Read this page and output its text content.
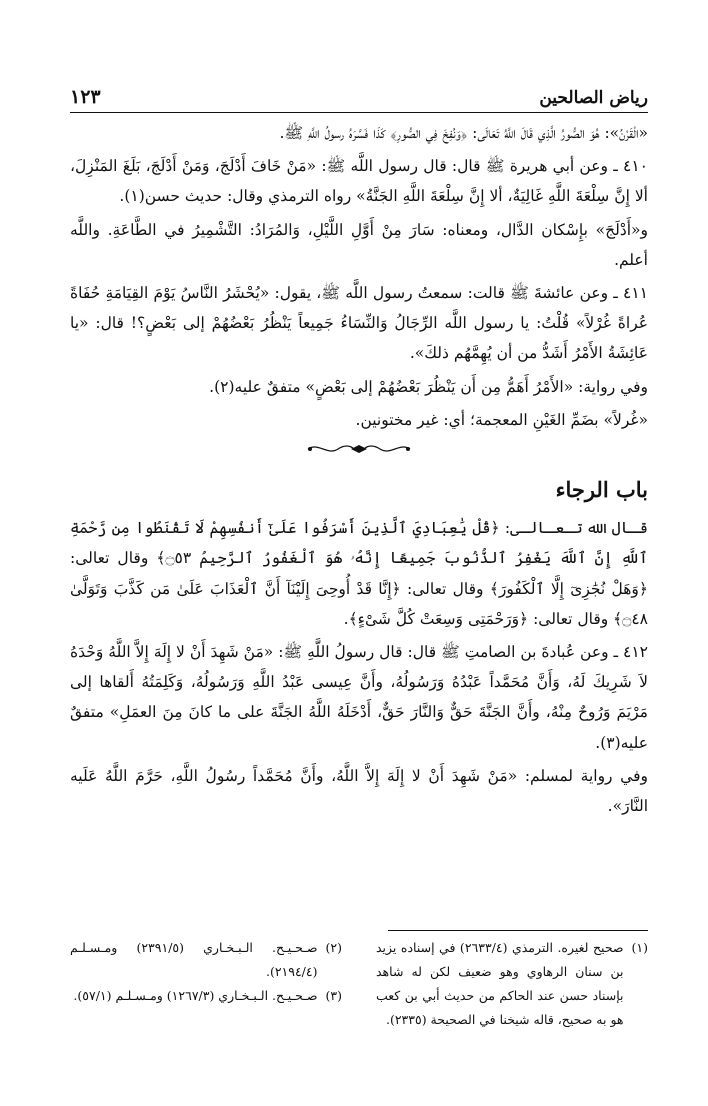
رياض الصالحين
١٢٣

«الْقَرْنُ»: هُوَ الصُّورُ الَّذِي قَالَ اللَّهُ تَعَالَى: ﴿وَنُفِخَ فِي الصُّورِ﴾ كَذَا فَسَّرَهُ رسولُ اللَّهِ ﷺ.

٤١٠ ـ وعن أبي هريرة ﷺ قال: قال رسول اللَّه ﷺ: «مَنْ خَافَ أَدْلَجَ، وَمَنْ أَدْلَجَ، بَلَغَ المَنْزِلَ، ألا إِنَّ سِلْعَةَ اللَّهِ غَالِيَةٌ، ألا إِنَّ سِلْعَةَ اللَّهِ الجَنَّةُ» رواه الترمذي وقال: حديث حسن(١).

و«أَدْلَجَ» بإِسْكان الدَّال، ومعناه: سَارَ مِنْ أَوَّلِ اللَّيْلِ، وَالمُرَادُ: التَّشْمِيرُ في الطَّاعَةِ. واللَّه أعلم.

٤١١ ـ وعن عائشةَ ﷺ قالت: سمعتُ رسول اللَّه ﷺ، يقول: «يُحْشَرُ النَّاسُ يَوْمَ القِيَامَةِ حُفَاةً عُراةً غُرْلاً» قُلْتُ: يا رسول اللَّه الرِّجَالُ وَالنِّسَاءُ جَمِيعاً يَنْظُرُ بَعْضُهُمْ إلى بَعْضٍ؟! قال: «يا عَائِشَةُ الأَمْرُ أَشَدُّ من أن يُهِمَّهُم ذلكَ».

وفي رواية: «الأَمْرُ أَهَمُّ مِن أَن يَنْظُرَ بَعْضُهُمْ إلى بَعْضٍ» متفقٌ عليه(٢).

«غُرلاً» بضَمِّ الغَيْنِ المعجمة؛ أي: غير مختونين.

باب الرجاء

قـال الله تـعـالـى: ﴿قُلْ يَٰعِبَادِيَ ٱلَّذِينَ أَسْرَفُوا عَلَىٰٓ أَنفُسِهِمْ لَا تَقْنَطُوا مِن رَّحْمَةِ ٱللَّهِ إِنَّ ٱللَّهَ يَغْفِرُ ٱلذُّنُوبَ جَمِيعًا إِنَّهُۥ هُوَ ٱلْغَفُورُ ٱلرَّحِيمُ ۝٥٣﴾ وقال تعالى: ﴿وَهَلْ نُجَٰزِىٓ إِلَّا ٱلْكَفُورَ﴾ وقال تعالى: ﴿إِنَّا قَدْ أُوحِىَ إِلَيْنَآ أَنَّ ٱلْعَذَابَ عَلَىٰ مَن كَذَّبَ وَتَوَلَّىٰ ۝٤٨﴾ وقال تعالى: ﴿وَرَحْمَتِى وَسِعَتْ كُلَّ شَىْءٍ﴾.

٤١٢ ـ وعن عُبادةَ بن الصامتِ ﷺ قال: قال رسولُ اللَّهِ ﷺ: «مَنْ شَهِدَ أَنْ لا إِلَهَ إِلاَّ اللَّهُ وَحْدَهُ لاَ شَرِيكَ لَهُ، وَأَنَّ مُحَمَّداً عَبْدُهُ وَرَسُولُهُ، وأَنَّ عِيسى عَبْدُ اللَّهِ وَرَسُولُهُ، وَكَلِمَتُهُ أَلقاها إلى مَرْيَمَ وَرُوحٌ مِنْهُ، وأَنَّ الجَنَّةَ حَقٌّ وَالنَّارَ حَقٌّ، أَدْخَلَهُ اللَّهُ الجَنَّةَ على ما كانَ مِنَ العمَلِ» متفقٌ عليه(٣).

وفي رواية لمسلم: «مَنْ شَهِدَ أَنْ لا إِلَهَ إِلاَّ اللَّهُ، وأَنَّ مُحَمَّداً رسُولُ اللَّهِ، حَرَّمَ اللَّهُ عَلَيه النَّارَ».

(١)
صحيح لغيره. الترمذي (٢٦٣٣/٤) في إسناده يزيد بن سنان الرهاوي وهو ضعيف لكن له شاهد بإسناد حسن عند الحاكم من حديث أبي بن كعب هو به صحيح، قاله شيخنا في الصحيحة (٢٣٣٥).
(٢)
صـحـيـح. الـبـخـاري (٢٣٩١/٥) ومـسـلـم (٢١٩٤/٤).
(٣)
صـحـيـح. الـبـخـاري (١٢٦٧/٣) ومـسـلـم (٥٧/١).
